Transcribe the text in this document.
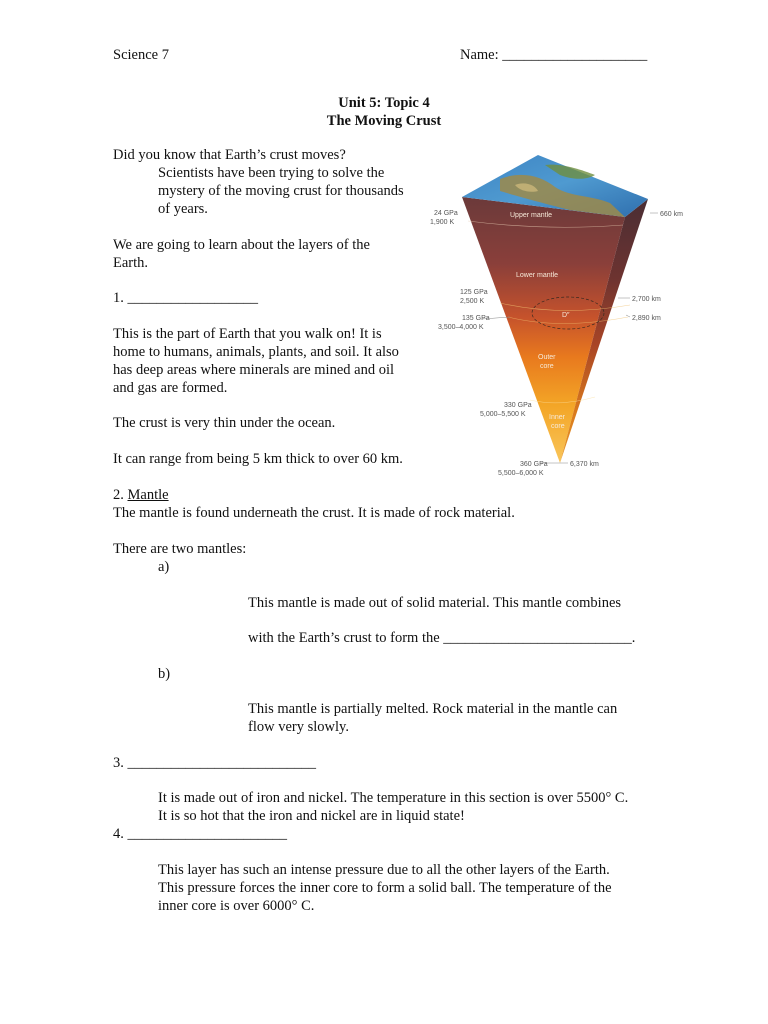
Science 7	Name: ____________________
Unit 5: Topic 4
The Moving Crust
Did you know that Earth’s crust moves?
Scientists have been trying to solve the
mystery of the moving crust for thousands
of years.
We are going to learn about the layers of the
Earth.
1. __________________
This is the part of Earth that you walk on! It is
home to humans, animals, plants, and soil. It also
has deep areas where minerals are mined and oil
and gas are formed.
The crust is very thin under the ocean.
It can range from being 5 km thick to over 60 km.
2. Mantle
The mantle is found underneath the crust. It is made of rock material.
There are two mantles:
a)
This mantle is made out of solid material. This mantle combines
with the Earth’s crust to form the __________________________.
b)
This mantle is partially melted. Rock material in the mantle can
flow very slowly.
3. __________________________
It is made out of iron and nickel. The temperature in this section is over 5500° C.
It is so hot that the iron and nickel are in liquid state!
4. ______________________
This layer has such an intense pressure due to all the other layers of the Earth.
This pressure forces the inner core to form a solid ball. The temperature of the
inner core is over 6000° C.
Upper mantle
Lower mantle
D″
Outer
core
Inner
core
24 GPa
1,900 K
125 GPa
2,500 K
135 GPa
3,500–4,000 K
330 GPa
5,000–5,500 K
360 GPa
5,500–6,000 K
660 km
2,700 km
2,890 km
6,370 km
